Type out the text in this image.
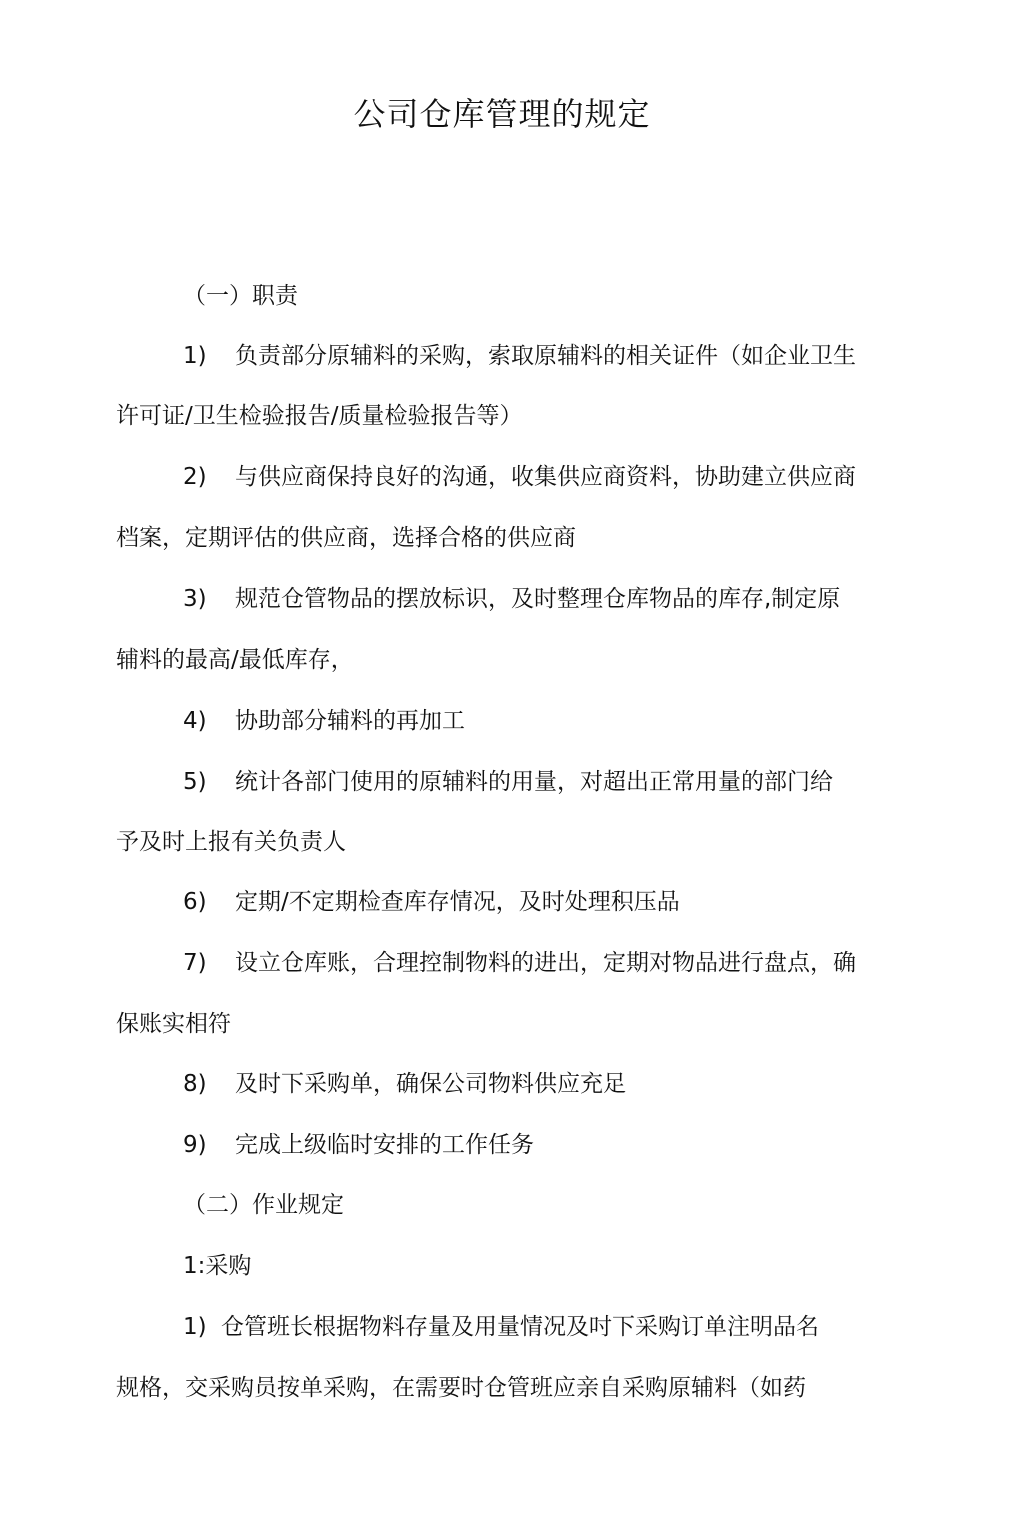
公司仓库管理的规定
（一）职责
1) 负责部分原辅料的采购，索取原辅料的相关证件（如企业卫生
许可证/卫生检验报告/质量检验报告等）
2) 与供应商保持良好的沟通，收集供应商资料，协助建立供应商
档案，定期评估的供应商，选择合格的供应商
3) 规范仓管物品的摆放标识，及时整理仓库物品的库存,制定原
辅料的最高/最低库存，
4) 协助部分辅料的再加工
5) 统计各部门使用的原辅料的用量，对超出正常用量的部门给
予及时上报有关负责人
6) 定期/不定期检查库存情况，及时处理积压品
7) 设立仓库账，合理控制物料的进出，定期对物品进行盘点，确
保账实相符
8) 及时下采购单，确保公司物料供应充足
9) 完成上级临时安排的工作任务
（二）作业规定
1:采购
1) 仓管班长根据物料存量及用量情况及吋下采购订单注明品名
规格，交采购员按单采购，在需要时仓管班应亲自采购原辅料（如药
